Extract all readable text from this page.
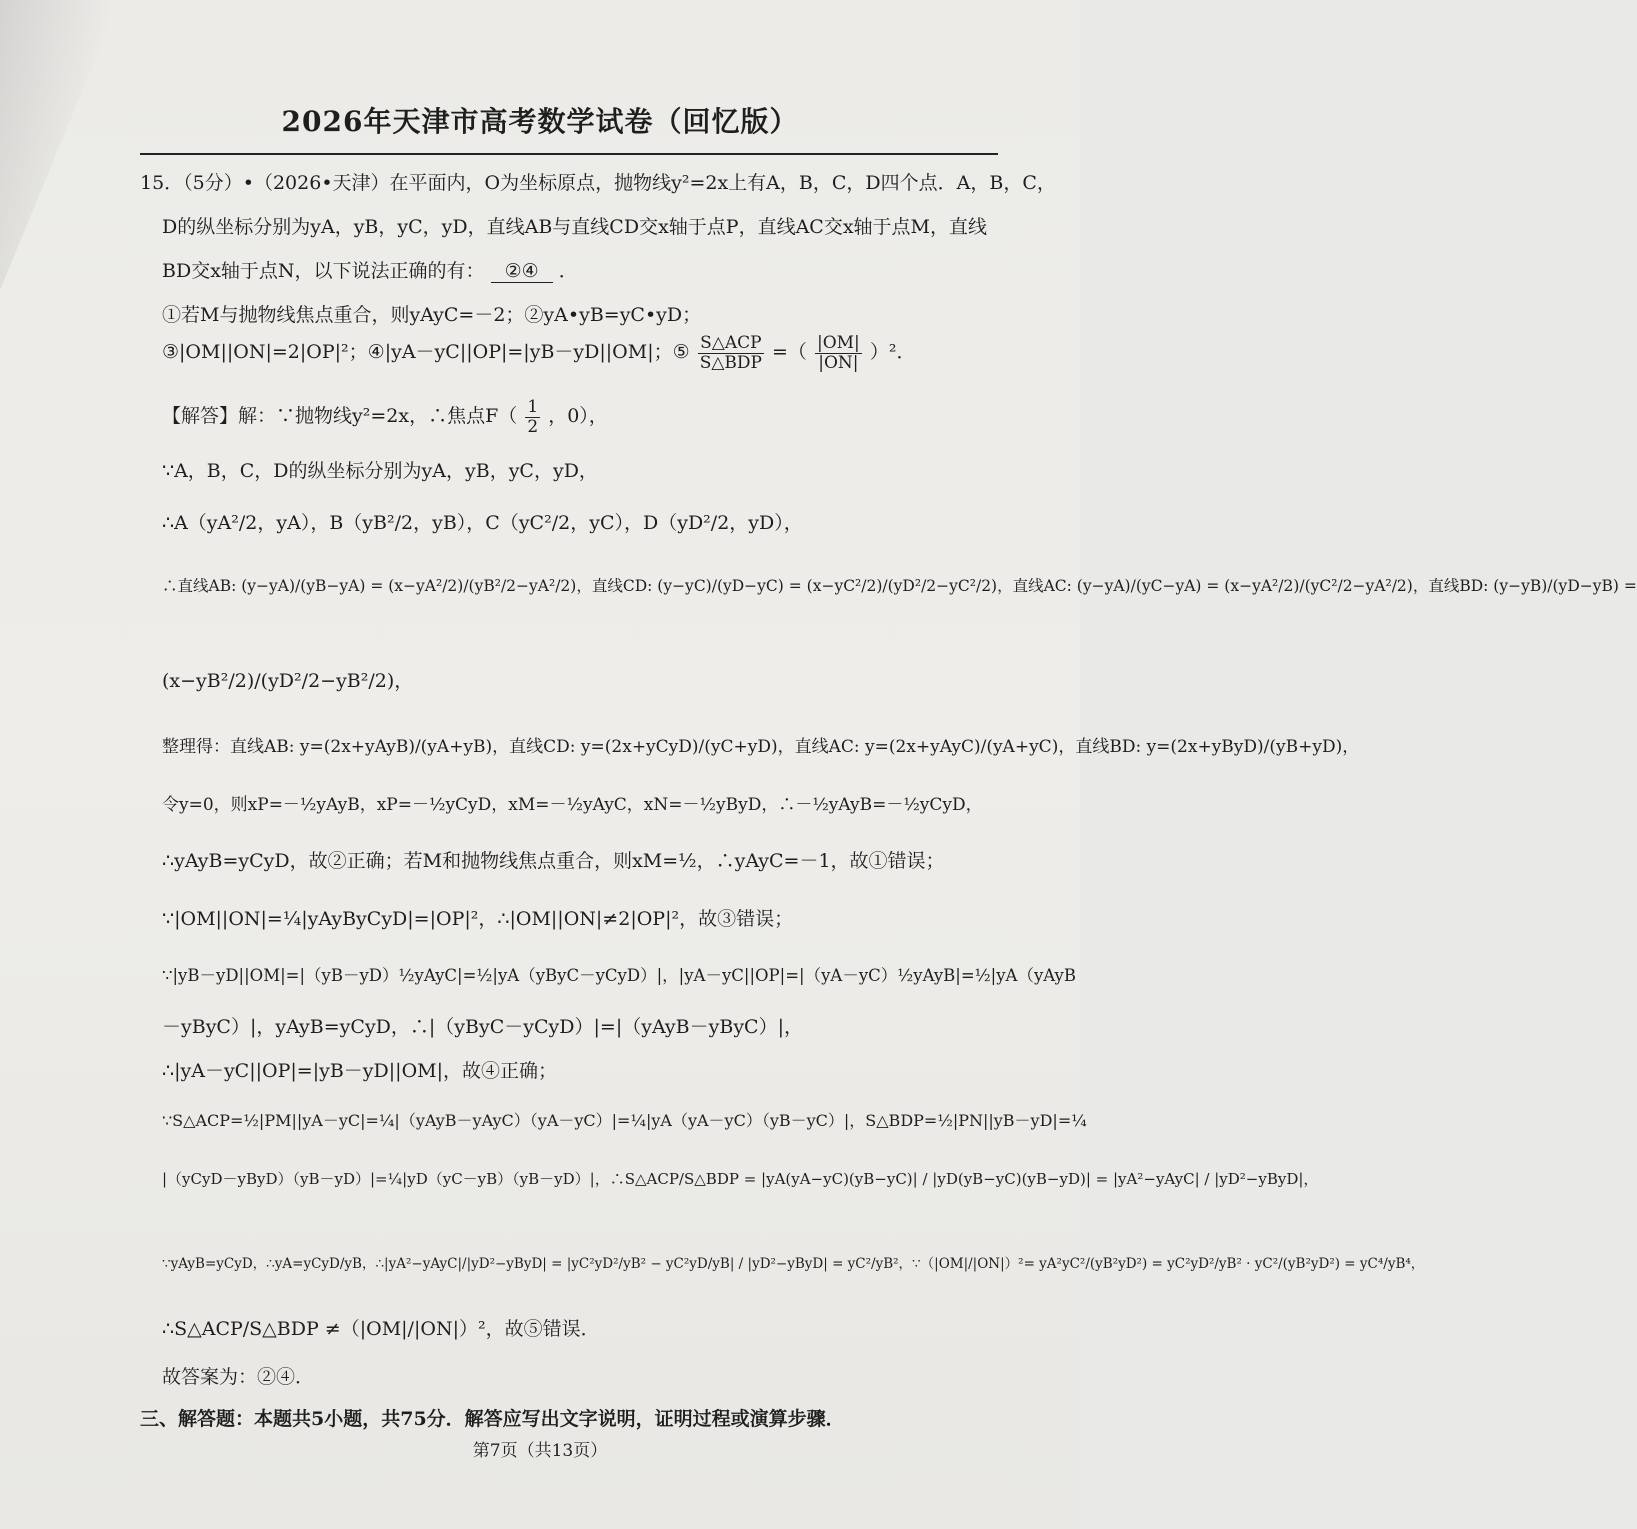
2026年天津市高考数学试卷（回忆版）
15．（5分）•（2026•天津）在平面内，O为坐标原点，抛物线y²=2x上有A，B，C，D四个点．A，B，C，
D的纵坐标分别为yA，yB，yC，yD，直线AB与直线CD交x轴于点P，直线AC交x轴于点M，直线
BD交x轴于点N，以下说法正确的有： ②④ ．
①若M与抛物线焦点重合，则yAyC=－2；②yA•yB=yC•yD；
③|OM||ON|=2|OP|²；④|yA－yC||OP|=|yB－yD||OM|；⑤ $\frac{\text{S△ACP}}{\text{S△BDP}}$ =（ $\frac{|OM|}{|ON|} )^2$．
【解答】解：∵抛物线y²=2x，∴焦点$F( \frac{1}{2}$ ，0），
∵A，B，C，D的纵坐标分别为yA，yB，yC，yD，
∴A（yA²/2，yA），B（yB²/2，yB），C（yC²/2，yC），D（yD²/2，yD），
∴直线AB: (y−yA)/(yB−yA) = (x−yA²/2)/(yB²/2−yA²/2)，直线CD: (y−yC)/(yD−yC) = (x−yC²/2)/(yD²/2−yC²/2)，直线AC: (y−yA)/(yC−yA) = (x−yA²/2)/(yC²/2−yA²/2)，直线BD: (y−yB)/(yD−yB) =
(x−yB²/2)/(yD²/2−yB²/2)，
整理得：直线AB: y=(2x+yAyB)/(yA+yB)，直线CD: y=(2x+yCyD)/(yC+yD)，直线AC: y=(2x+yAyC)/(yA+yC)，直线BD: y=(2x+yByD)/(yB+yD)，
令y=0，则xP=－½yAyB，xP=－½yCyD，xM=－½yAyC，xN=－½yByD，∴－½yAyB=－½yCyD，
∴yAyB=yCyD，故②正确；若M和抛物线焦点重合，则xM=½，∴yAyC=－1，故①错误；
∵|OM||ON|=¼|yAyByCyD|=|OP|²，∴|OM||ON|≠2|OP|²，故③错误；
∵|yB－yD||OM|=|（yB－yD）½yAyC|=½|yA（yByC－yCyD）|，|yA－yC||OP|=|（yA－yC）½yAyB|=½|yA（yAyB
－yByC）|，yAyB=yCyD，∴|（yByC－yCyD）|=|（yAyB－yByC）|，
∴|yA－yC||OP|=|yB－yD||OM|，故④正确；
∵S△ACP=½|PM||yA－yC|=¼|（yAyB－yAyC）（yA－yC）|=¼|yA（yA－yC）（yB－yC）|，S△BDP=½|PN||yB－yD|=¼
|（yCyD－yByD）（yB－yD）|=¼|yD（yC－yB）（yB－yD）|，∴S△ACP/S△BDP = |yA(yA−yC)(yB−yC)| / |yD(yB−yC)(yB−yD)| = |yA²−yAyC| / |yD²−yByD|，
∵yAyB=yCyD，∴yA=yCyD/yB，∴|yA²−yAyC|/|yD²−yByD| = |yC²yD²/yB² − yC²yD/yB| / |yD²−yByD| = yC²/yB²，∵（|OM|/|ON|）²= yA²yC²/(yB²yD²) = yC²yD²/yB² · yC²/(yB²yD²) = yC⁴/yB⁴，
∴S△ACP/S△BDP ≠（|OM|/|ON|）²，故⑤错误．
故答案为：②④．
三、解答题：本题共5小题，共75分．解答应写出文字说明，证明过程或演算步骤．
第7页（共13页）
